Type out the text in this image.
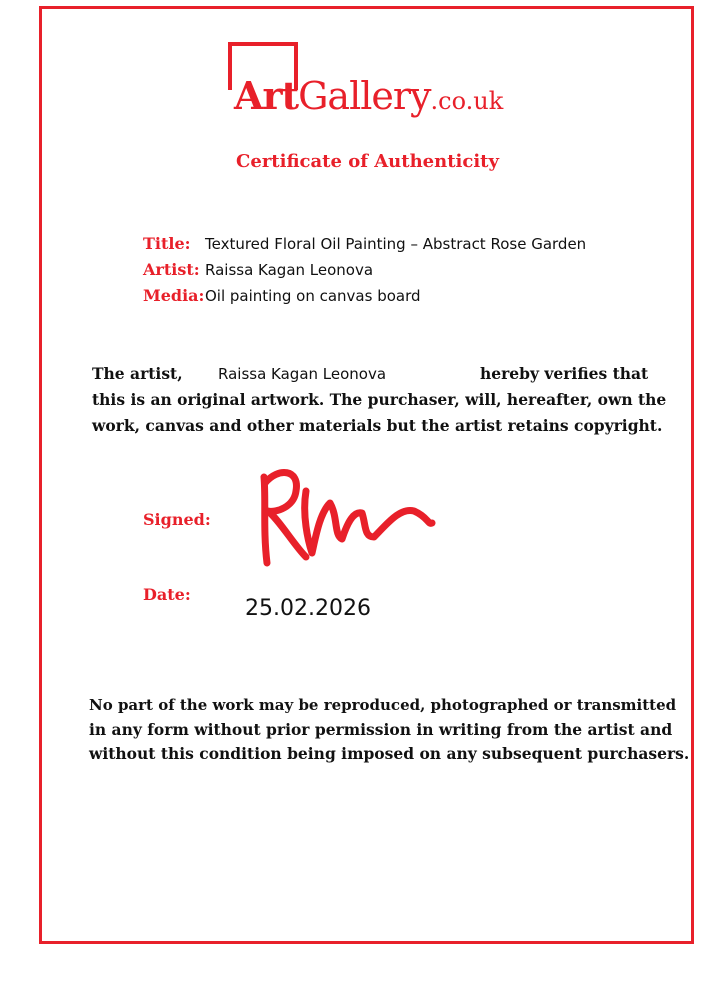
ArtGallery.co.uk
Certificate of Authenticity
Title: Textured Floral Oil Painting – Abstract Rose Garden
Artist: Raissa Kagan Leonova
Media:Oil painting on canvas board
The artist, Raissa Kagan Leonova	hereby verifies that
this is an original artwork. The purchaser, will, hereafter, own the
work, canvas and other materials but the artist retains copyright.
Signed:
Date:
25.02.2026
No part of the work may be reproduced, photographed or transmitted
in any form without prior permission in writing from the artist and
without this condition being imposed on any subsequent purchasers.
